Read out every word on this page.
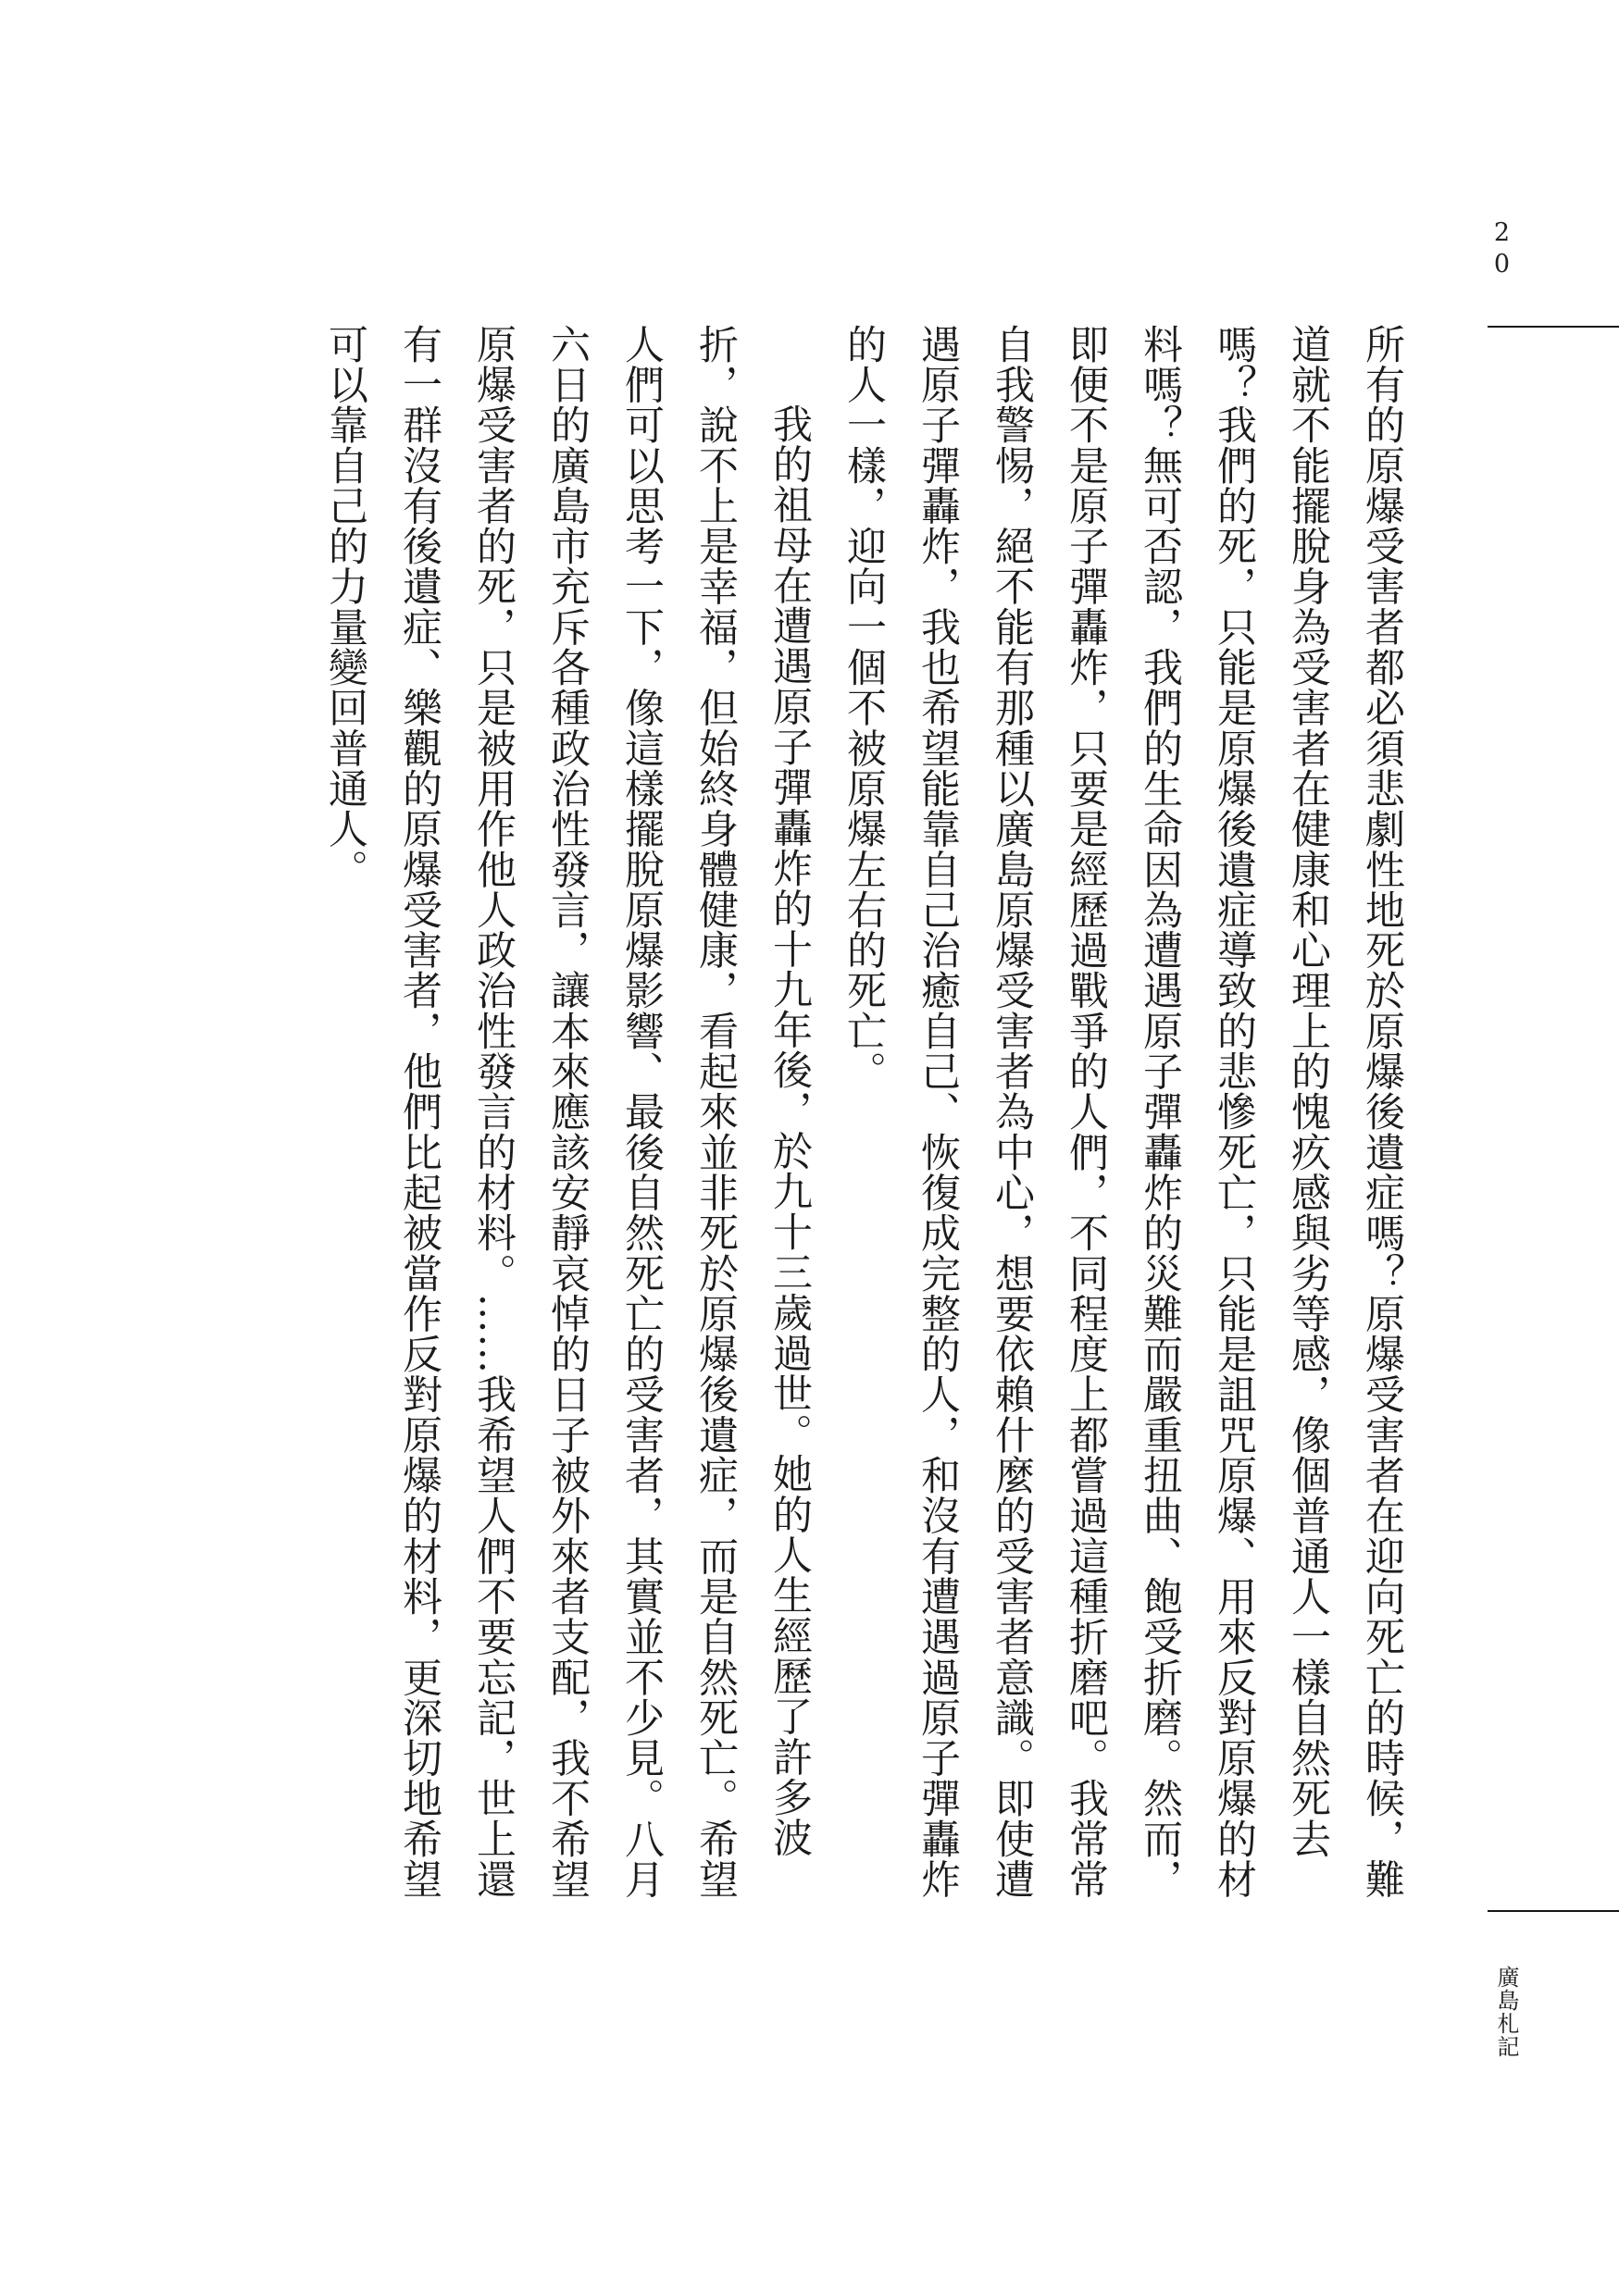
20

所有的原爆受害者都必須悲劇性地死於原爆後遺症嗎？原爆受害者在迎向死亡的時候，難道就不能擺脫身為受害者在健康和心理上的愧疚感與劣等感，像個普通人一樣自然死去嗎？我們的死，只能是原爆後遺症導致的悲慘死亡，只能是詛咒原爆、用來反對原爆的材料嗎？無可否認，我們的生命因為遭遇原子彈轟炸的災難而嚴重扭曲、飽受折磨。然而，即便不是原子彈轟炸，只要是經歷過戰爭的人們，不同程度上都嘗過這種折磨吧。我常常自我警惕，絕不能有那種以廣島原爆受害者為中心，想要依賴什麼的受害者意識。即使遭遇原子彈轟炸，我也希望能靠自己治癒自己、恢復成完整的人，和沒有遭遇過原子彈轟炸的人一樣，迎向一個不被原爆左右的死亡。

我的祖母在遭遇原子彈轟炸的十九年後，於九十三歲過世。她的人生經歷了許多波折，說不上是幸福，但始終身體健康，看起來並非死於原爆後遺症，而是自然死亡。希望人們可以思考一下，像這樣擺脫原爆影響、最後自然死亡的受害者，其實並不少見。八月六日的廣島市充斥各種政治性發言，讓本來應該安靜哀悼的日子被外來者支配，我不希望原爆受害者的死，只是被用作他人政治性發言的材料。……我希望人們不要忘記，世上還有一群沒有後遺症、樂觀的原爆受害者，他們比起被當作反對原爆的材料，更深切地希望可以靠自己的力量變回普通人。

廣島札記
